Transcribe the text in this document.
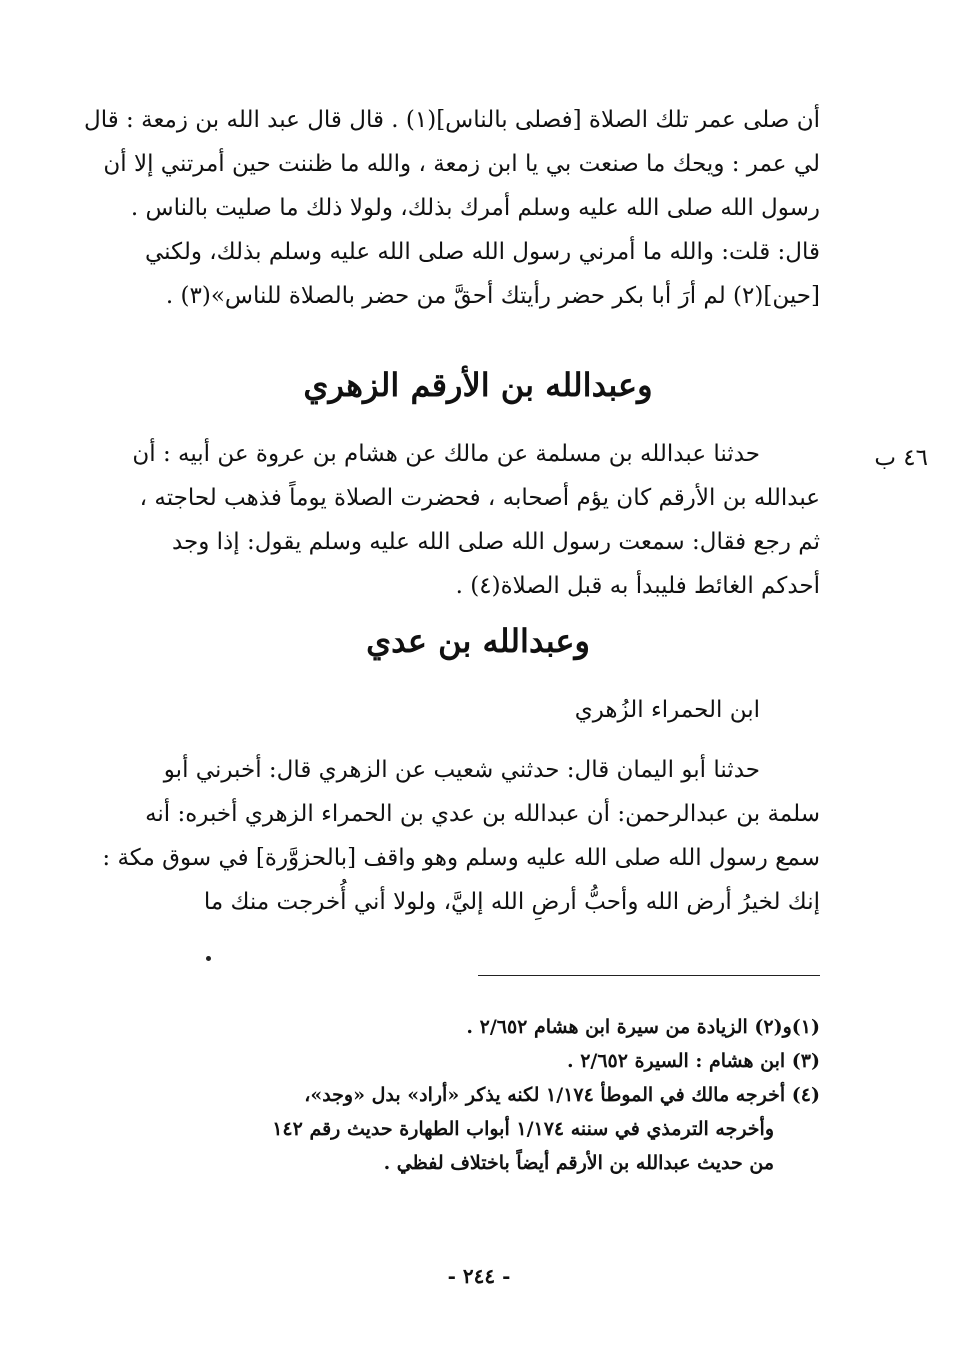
أن صلى عمر تلك الصلاة [فصلى بالناس](١) . قال قال عبد الله بن زمعة : قال
لي عمر : ويحك ما صنعت بي يا ابن زمعة ، والله ما ظننت حين أمرتني إلا أن
رسول الله صلى الله عليه وسلم أمرك بذلك، ولولا ذلك ما صليت بالناس .
قال: قلت: والله ما أمرني رسول الله صلى الله عليه وسلم بذلك، ولكني
[حين](٢) لم أرَ أبا بكر حضر رأيتك أحقَّ من حضر بالصلاة للناس»(٣) .
وعبدالله بن الأرقم الزهري
٤٦ ب
حدثنا عبدالله بن مسلمة عن مالك عن هشام بن عروة عن أبيه : أن
عبدالله بن الأرقم كان يؤم أصحابه ، فحضرت الصلاة يوماً فذهب لحاجته ،
ثم رجع فقال: سمعت رسول الله صلى الله عليه وسلم يقول: إذا وجد
أحدكم الغائط فليبدأ به قبل الصلاة(٤) .
وعبدالله بن عدي
ابن الحمراء الزُهري
حدثنا أبو اليمان قال: حدثني شعيب عن الزهري قال: أخبرني أبو
سلمة بن عبدالرحمن: أن عبدالله بن عدي بن الحمراء الزهري أخبره: أنه
سمع رسول الله صلى الله عليه وسلم وهو واقف [بالحزوَّرة] في سوق مكة :
إنك لخيرُ أرض الله وأحبُّ أرضِ الله إليَّ، ولولا أني أُخرجت منك ما
(١)و(٢) الزيادة من سيرة ابن هشام ٢/٦٥٢ .
(٣) ابن هشام : السيرة ٢/٦٥٢ .
(٤) أخرجه مالك في الموطأ ١/١٧٤ لكنه يذكر «أراد» بدل «وجد»،
وأخرجه الترمذي في سننه ١/١٧٤ أبواب الطهارة حديث رقم ١٤٢
من حديث عبدالله بن الأرقم أيضاً باختلاف لفظي .
- ٢٤٤ -
